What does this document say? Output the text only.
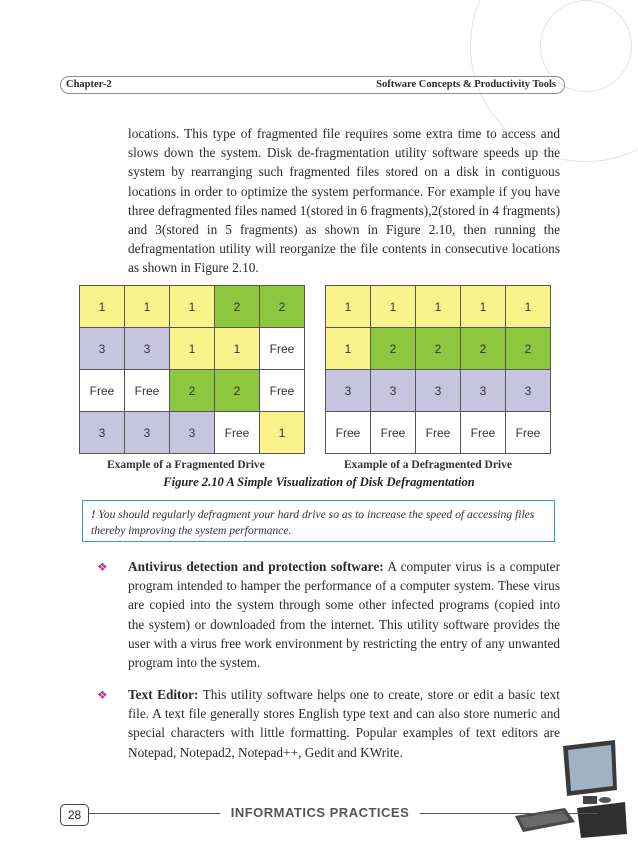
Chapter-2	Software Concepts & Productivity Tools

locations. This type of fragmented file requires some extra time to access and slows down the system. Disk de-fragmentation utility software speeds up the system by rearranging such fragmented files stored on a disk in contiguous locations in order to optimize the system performance. For example if you have three defragmented files named 1(stored in 6 fragments),2(stored in 4 fragments) and 3(stored in 5 fragments) as shown in Figure 2.10, then running the defragmentation utility will reorganize the file contents in consecutive locations as shown in Figure 2.10.

1	1	1	2	2
3	3	1	1	Free
Free	Free	2	2	Free
3	3	3	Free	1
1	1	1	1	1
1	2	2	2	2
3	3	3	3	3
Free	Free	Free	Free	Free
Example of a Fragmented Drive	Example of a Defragmented Drive
Figure 2.10 A Simple Visualization of Disk Defragmentation
! You should regularly defragment your hard drive so as to increase the speed of accessing files thereby improving the system performance.
❖ Antivirus detection and protection software: A computer virus is a computer program intended to hamper the performance of a computer system. These virus are copied into the system through some other infected programs (copied into the system) or downloaded from the internet. This utility software provides the user with a virus free work environment by restricting the entry of any unwanted program into the system.

❖ Text Editor: This utility software helps one to create, store or edit a basic text file. A text file generally stores English type text and can also store numeric and special characters with little formatting. Popular examples of text editors are Notepad, Notepad2, Notepad++, Gedit and KWrite.

28	INFORMATICS PRACTICES
